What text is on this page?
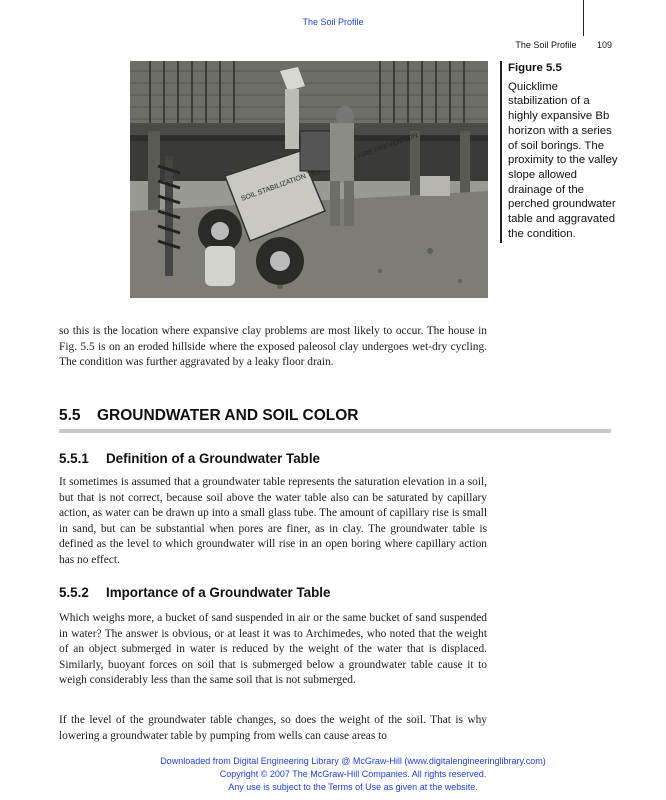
The Soil Profile
The Soil Profile 109
SOIL STABILIZATION TEST FIRE PREVENTION
Figure 5.5
Quicklime stabilization of a highly expansive Bb horizon with a series of soil borings. The proximity to the valley slope allowed drainage of the perched groundwater table and aggravated the condition.

so this is the location where expansive clay problems are most likely to occur. The house in Fig. 5.5 is on an eroded hillside where the exposed paleosol clay undergoes wet-dry cycling. The condition was further aggravated by a leaky floor drain.

5.5 GROUNDWATER AND SOIL COLOR
5.5.1 Definition of a Groundwater Table

It sometimes is assumed that a groundwater table represents the saturation elevation in a soil, but that is not correct, because soil above the water table also can be saturated by capillary action, as water can be drawn up into a small glass tube. The amount of capillary rise is small in sand, but can be substantial when pores are finer, as in clay. The groundwater table is defined as the level to which groundwater will rise in an open boring where capillary action has no effect.

5.5.2 Importance of a Groundwater Table

Which weighs more, a bucket of sand suspended in air or the same bucket of sand suspended in water? The answer is obvious, or at least it was to Archimedes, who noted that the weight of an object submerged in water is reduced by the weight of the water that is displaced. Similarly, buoyant forces on soil that is submerged below a groundwater table cause it to weigh considerably less than the same soil that is not submerged.

If the level of the groundwater table changes, so does the weight of the soil. That is why lowering a groundwater table by pumping from wells can cause areas to

Downloaded from Digital Engineering Library @ McGraw-Hill (www.digitalengineeringlibrary.com)
Copyright © 2007 The McGraw-Hill Companies. All rights reserved.
Any use is subject to the Terms of Use as given at the website.
